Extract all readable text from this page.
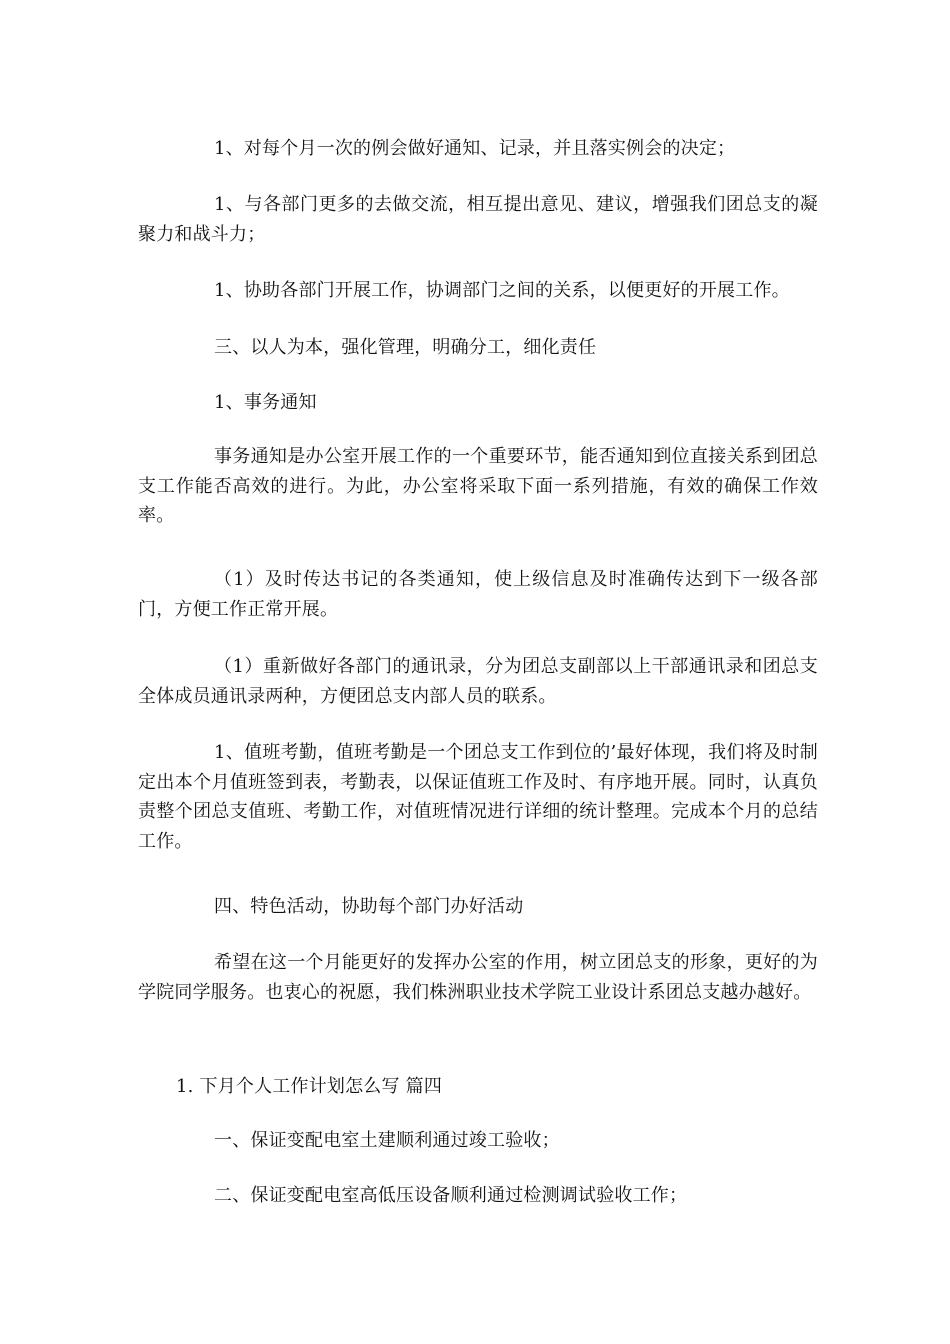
1、对每个月一次的例会做好通知、记录，并且落实例会的决定；

1、与各部门更多的去做交流，相互提出意见、建议，增强我们团总支的凝聚力和战斗力；

1、协助各部门开展工作，协调部门之间的关系，以便更好的开展工作。

三、以人为本，强化管理，明确分工，细化责任

1、事务通知

事务通知是办公室开展工作的一个重要环节，能否通知到位直接关系到团总支工作能否高效的进行。为此，办公室将采取下面一系列措施，有效的确保工作效率。

（1）及时传达书记的各类通知，使上级信息及时准确传达到下一级各部门，方便工作正常开展。

（1）重新做好各部门的通讯录，分为团总支副部以上干部通讯录和团总支全体成员通讯录两种，方便团总支内部人员的联系。

1、值班考勤，值班考勤是一个团总支工作到位的’最好体现，我们将及时制定出本个月值班签到表，考勤表，以保证值班工作及时、有序地开展。同时，认真负责整个团总支值班、考勤工作，对值班情况进行详细的统计整理。完成本个月的总结工作。

四、特色活动，协助每个部门办好活动

希望在这一个月能更好的发挥办公室的作用，树立团总支的形象，更好的为学院同学服务。也衷心的祝愿，我们株洲职业技术学院工业设计系团总支越办越好。

1. 下月个人工作计划怎么写 篇四

一、保证变配电室土建顺利通过竣工验收；

二、保证变配电室高低压设备顺利通过检测调试验收工作；
